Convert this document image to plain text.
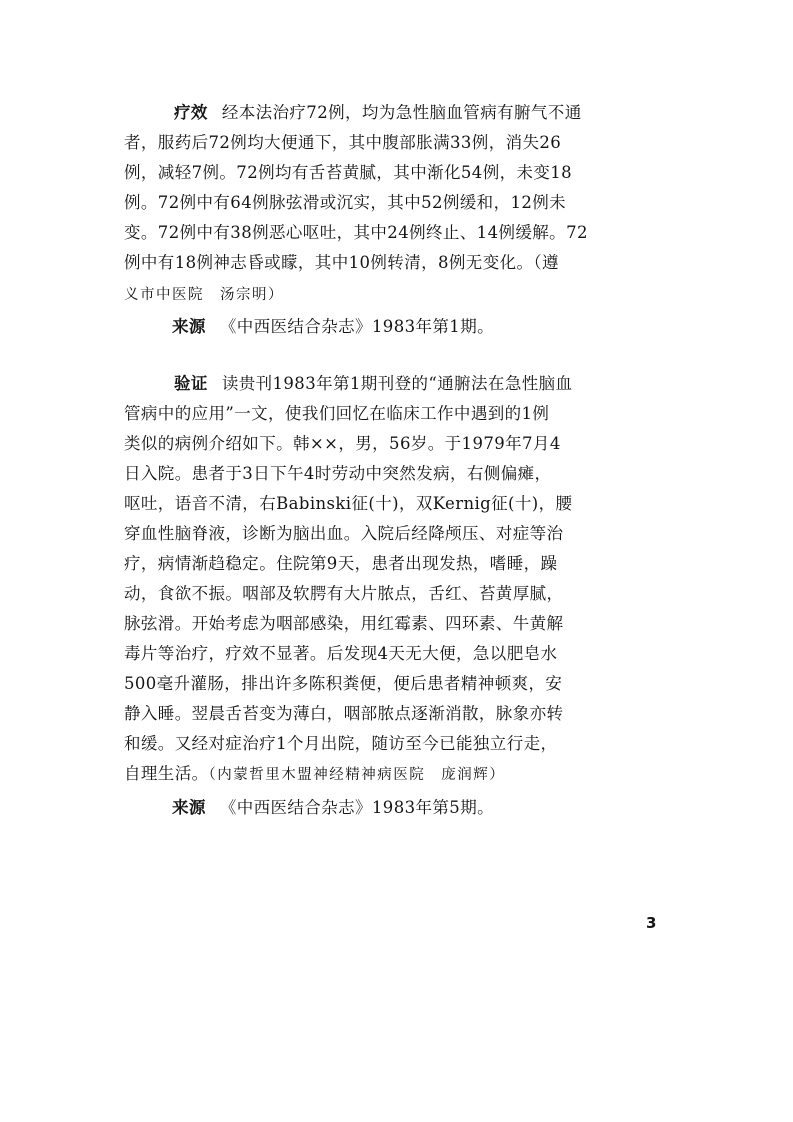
疗效 经本法治疗72例，均为急性脑血管病有腑气不通
者，服药后72例均大便通下，其中腹部胀满33例，消失26
例，减轻7例。72例均有舌苔黄腻，其中渐化54例，未变18
例。72例中有64例脉弦滑或沉实，其中52例缓和，12例未
变。72例中有38例恶心呕吐，其中24例终止、14例缓解。72
例中有18例神志昏或矇，其中10例转清，8例无变化。（遵
义市中医院　汤宗明）
来源 《中西医结合杂志》1983年第1期。
验证 读贵刊1983年第1期刊登的“通腑法在急性脑血
管病中的应用”一文，使我们回忆在临床工作中遇到的1例
类似的病例介绍如下。韩××，男，56岁。于1979年7月4
日入院。患者于3日下午4时劳动中突然发病，右侧偏瘫，
呕吐，语音不清，右Babinski征(十)，双Kernig征(十)，腰
穿血性脑脊液，诊断为脑出血。入院后经降颅压、对症等治
疗，病情渐趋稳定。住院第9天，患者出现发热，嗜睡，躁
动，食欲不振。咽部及软腭有大片脓点，舌红、苔黄厚腻，
脉弦滑。开始考虑为咽部感染，用红霉素、四环素、牛黄解
毒片等治疗，疗效不显著。后发现4天无大便，急以肥皂水
500毫升灌肠，排出许多陈积粪便，便后患者精神顿爽，安
静入睡。翌晨舌苔变为薄白，咽部脓点逐渐消散，脉象亦转
和缓。又经对症治疗1个月出院，随访至今已能独立行走，
自理生活。（内蒙哲里木盟神经精神病医院　庞润辉）
来源 《中西医结合杂志》1983年第5期。
3
